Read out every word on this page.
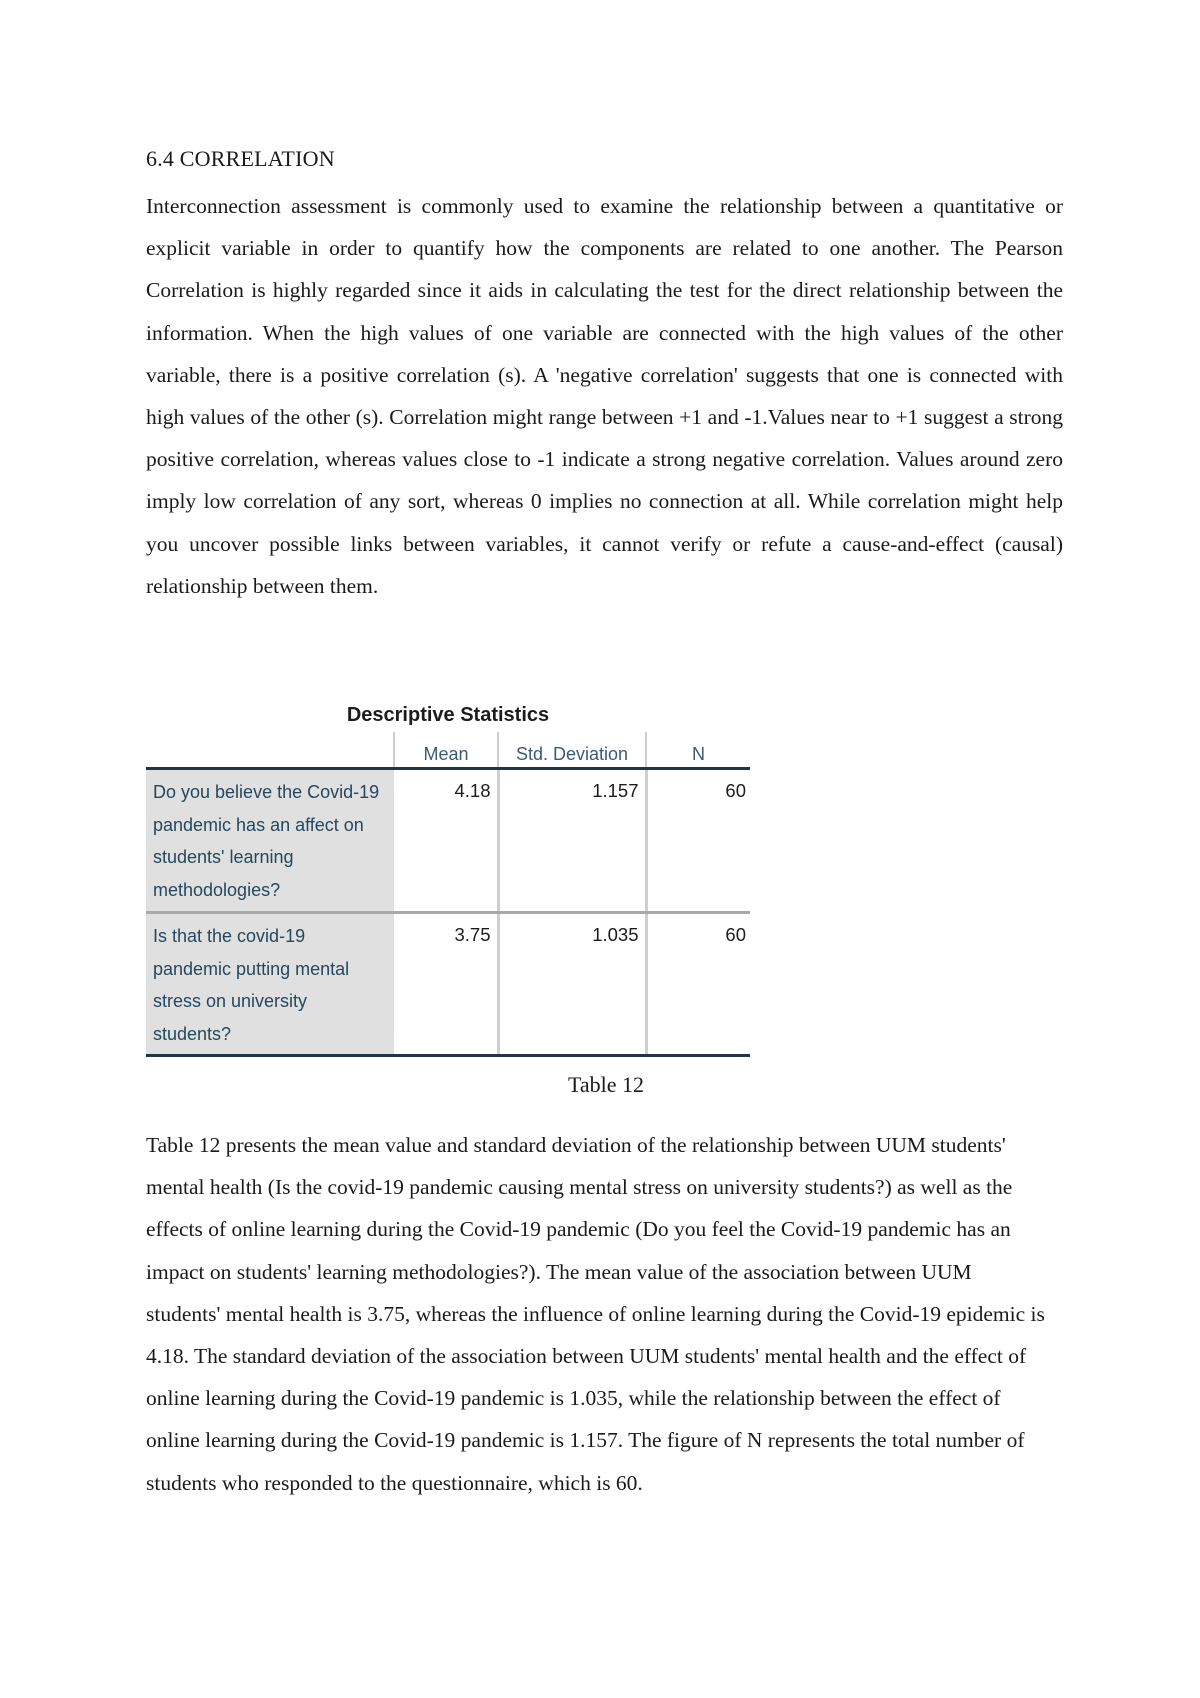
6.4 CORRELATION

Interconnection assessment is commonly used to examine the relationship between a quantitative or explicit variable in order to quantify how the components are related to one another. The Pearson Correlation is highly regarded since it aids in calculating the test for the direct relationship between the information. When the high values of one variable are connected with the high values of the other variable, there is a positive correlation (s). A 'negative correlation' suggests that one is connected with high values of the other (s). Correlation might range between +1 and -1.Values near to +1 suggest a strong positive correlation, whereas values close to -1 indicate a strong negative correlation. Values around zero imply low correlation of any sort, whereas 0 implies no connection at all. While correlation might help you uncover possible links between variables, it cannot verify or refute a cause-and-effect (causal) relationship between them.

Descriptive Statistics
	Mean	Std. Deviation	N
Do you believe the Covid-19 pandemic has an affect on students' learning methodologies?	4.18	1.157	60
Is that the covid-19 pandemic putting mental stress on university students?	3.75	1.035	60
Table 12

Table 12 presents the mean value and standard deviation of the relationship between UUM students' mental health (Is the covid-19 pandemic causing mental stress on university students?) as well as the effects of online learning during the Covid-19 pandemic (Do you feel the Covid-19 pandemic has an impact on students' learning methodologies?). The mean value of the association between UUM students' mental health is 3.75, whereas the influence of online learning during the Covid-19 epidemic is 4.18. The standard deviation of the association between UUM students' mental health and the effect of online learning during the Covid-19 pandemic is 1.035, while the relationship between the effect of online learning during the Covid-19 pandemic is 1.157. The figure of N represents the total number of students who responded to the questionnaire, which is 60.
